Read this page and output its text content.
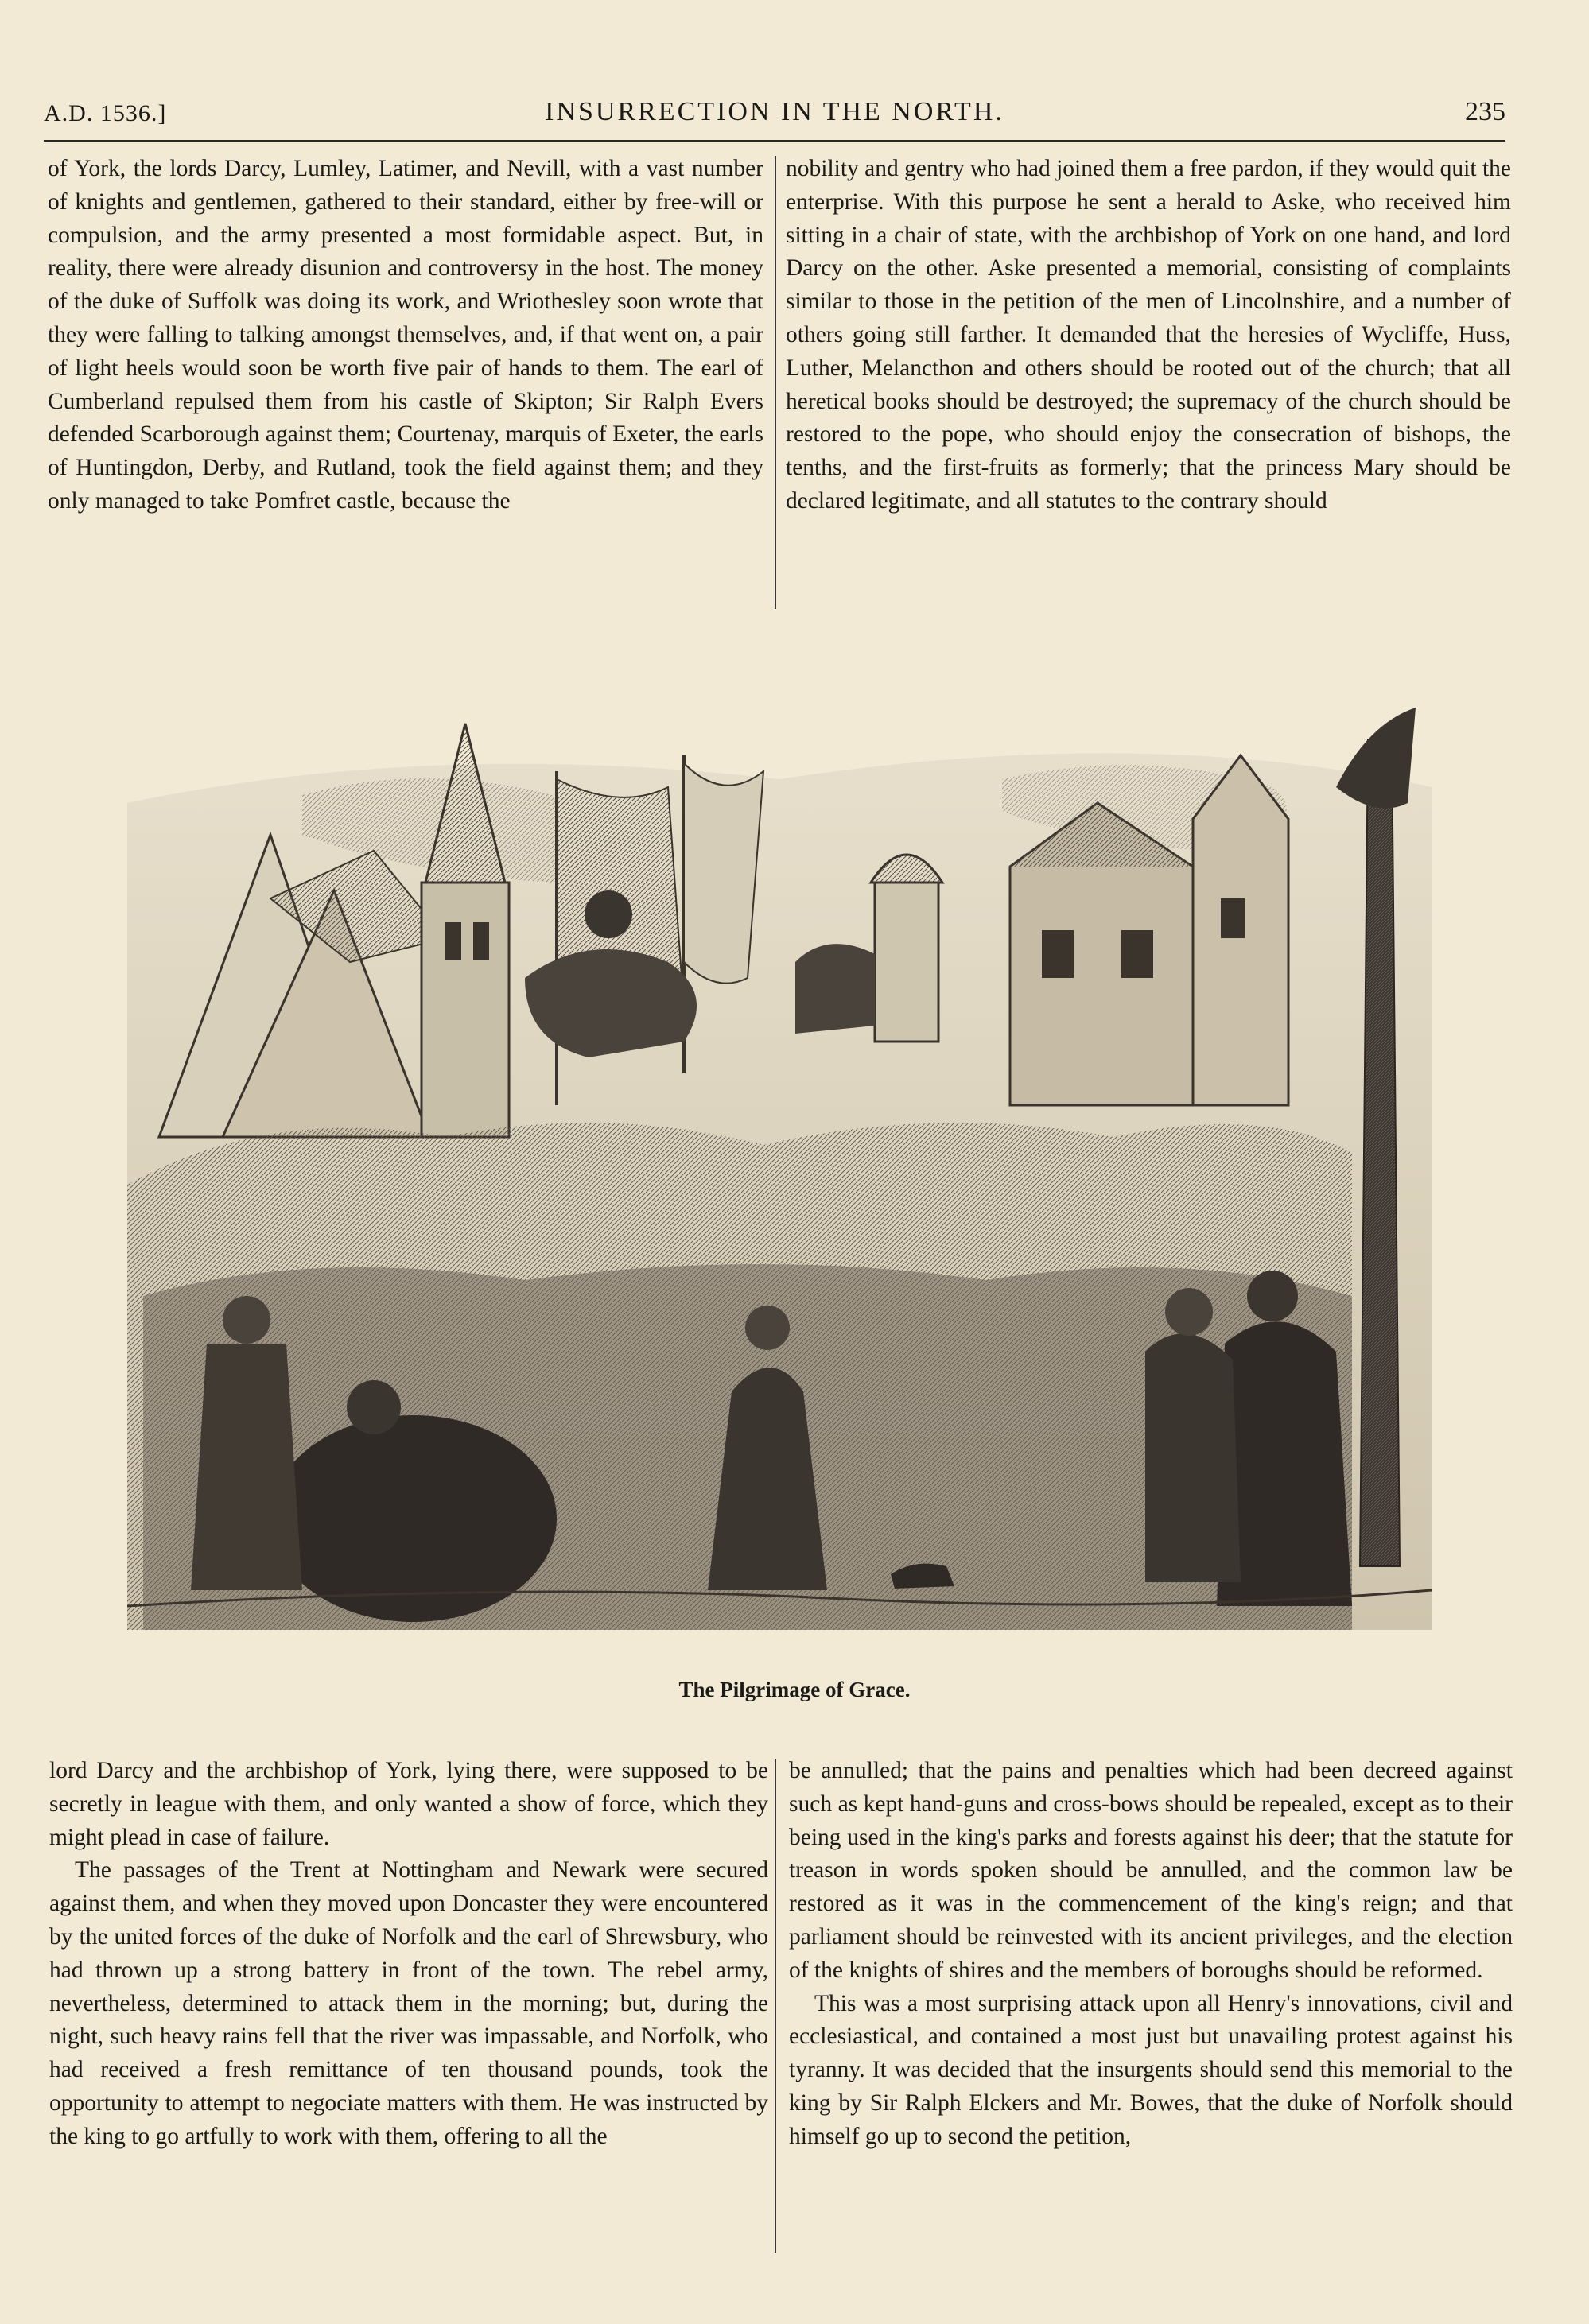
A.D. 1536.]	INSURRECTION IN THE NORTH.	235

of York, the lords Darcy, Lumley, Latimer, and Nevill, with a vast number of knights and gentlemen, gathered to their standard, either by free-will or compulsion, and the army presented a most formidable aspect. But, in reality, there were already disunion and controversy in the host. The money of the duke of Suffolk was doing its work, and Wriothesley soon wrote that they were falling to talking amongst themselves, and, if that went on, a pair of light heels would soon be worth five pair of hands to them. The earl of Cumberland repulsed them from his castle of Skipton; Sir Ralph Evers defended Scarborough against them; Courtenay, marquis of Exeter, the earls of Huntingdon, Derby, and Rutland, took the field against them; and they only managed to take Pomfret castle, because the

nobility and gentry who had joined them a free pardon, if they would quit the enterprise. With this purpose he sent a herald to Aske, who received him sitting in a chair of state, with the archbishop of York on one hand, and lord Darcy on the other. Aske presented a memorial, consisting of complaints similar to those in the petition of the men of Lincolnshire, and a number of others going still farther. It demanded that the heresies of Wycliffe, Huss, Luther, Melancthon and others should be rooted out of the church; that all heretical books should be destroyed; the supremacy of the church should be restored to the pope, who should enjoy the consecration of bishops, the tenths, and the first-fruits as formerly; that the princess Mary should be declared legitimate, and all statutes to the contrary should

The Pilgrimage of Grace.

lord Darcy and the archbishop of York, lying there, were supposed to be secretly in league with them, and only wanted a show of force, which they might plead in case of failure.

The passages of the Trent at Nottingham and Newark were secured against them, and when they moved upon Doncaster they were encountered by the united forces of the duke of Norfolk and the earl of Shrewsbury, who had thrown up a strong battery in front of the town. The rebel army, nevertheless, determined to attack them in the morning; but, during the night, such heavy rains fell that the river was impassable, and Norfolk, who had received a fresh remittance of ten thousand pounds, took the opportunity to attempt to negociate matters with them. He was instructed by the king to go artfully to work with them, offering to all the

be annulled; that the pains and penalties which had been decreed against such as kept hand-guns and cross-bows should be repealed, except as to their being used in the king's parks and forests against his deer; that the statute for treason in words spoken should be annulled, and the common law be restored as it was in the commencement of the king's reign; and that parliament should be reinvested with its ancient privileges, and the election of the knights of shires and the members of boroughs should be reformed.

This was a most surprising attack upon all Henry's innovations, civil and ecclesiastical, and contained a most just but unavailing protest against his tyranny. It was decided that the insurgents should send this memorial to the king by Sir Ralph Elckers and Mr. Bowes, that the duke of Norfolk should himself go up to second the petition,
